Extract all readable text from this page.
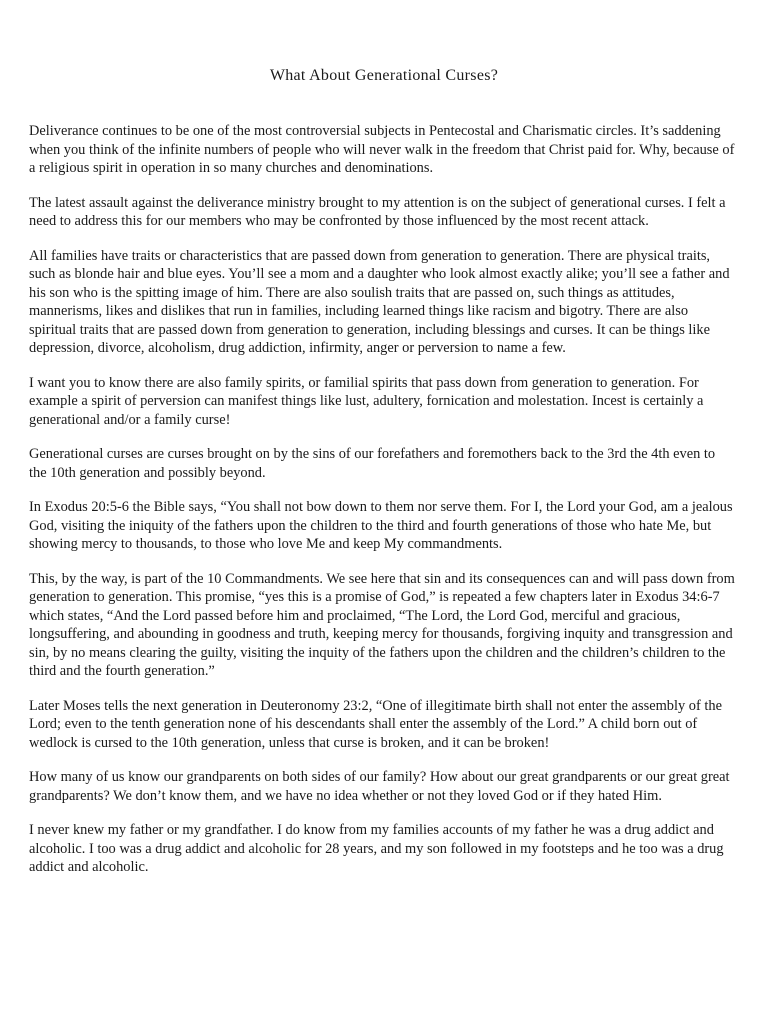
What About Generational Curses?

Deliverance continues to be one of the most controversial subjects in Pentecostal and Charismatic circles. It’s saddening when you think of the infinite numbers of people who will never walk in the freedom that Christ paid for. Why, because of a religious spirit in operation in so many churches and denominations.

The latest assault against the deliverance ministry brought to my attention is on the subject of generational curses. I felt a need to address this for our members who may be confronted by those influenced by the most recent attack.

All families have traits or characteristics that are passed down from generation to generation. There are physical traits, such as blonde hair and blue eyes. You’ll see a mom and a daughter who look almost exactly alike; you’ll see a father and his son who is the spitting image of him. There are also soulish traits that are passed on, such things as attitudes, mannerisms, likes and dislikes that run in families, including learned things like racism and bigotry. There are also spiritual traits that are passed down from generation to generation, including blessings and curses. It can be things like depression, divorce, alcoholism, drug addiction, infirmity, anger or perversion to name a few.

I want you to know there are also family spirits, or familial spirits that pass down from generation to generation. For example a spirit of perversion can manifest things like lust, adultery, fornication and molestation. Incest is certainly a generational and/or a family curse!

Generational curses are curses brought on by the sins of our forefathers and foremothers back to the 3rd the 4th even to the 10th generation and possibly beyond.

In Exodus 20:5-6 the Bible says, “You shall not bow down to them nor serve them. For I, the Lord your God, am a jealous God, visiting the iniquity of the fathers upon the children to the third and fourth generations of those who hate Me, but showing mercy to thousands, to those who love Me and keep My commandments.

This, by the way, is part of the 10 Commandments. We see here that sin and its consequences can and will pass down from generation to generation. This promise, “yes this is a promise of God,” is repeated a few chapters later in Exodus 34:6-7 which states, “And the Lord passed before him and proclaimed, “The Lord, the Lord God, merciful and gracious, longsuffering, and abounding in goodness and truth, keeping mercy for thousands, forgiving inquity and transgression and sin, by no means clearing the guilty, visiting the inquity of the fathers upon the children and the children’s children to the third and the fourth generation.”

Later Moses tells the next generation in Deuteronomy 23:2, “One of illegitimate birth shall not enter the assembly of the Lord; even to the tenth generation none of his descendants shall enter the assembly of the Lord.” A child born out of wedlock is cursed to the 10th generation, unless that curse is broken, and it can be broken!

How many of us know our grandparents on both sides of our family? How about our great grandparents or our great great grandparents? We don’t know them, and we have no idea whether or not they loved God or if they hated Him.

I never knew my father or my grandfather. I do know from my families accounts of my father he was a drug addict and alcoholic. I too was a drug addict and alcoholic for 28 years, and my son followed in my footsteps and he too was a drug addict and alcoholic.
